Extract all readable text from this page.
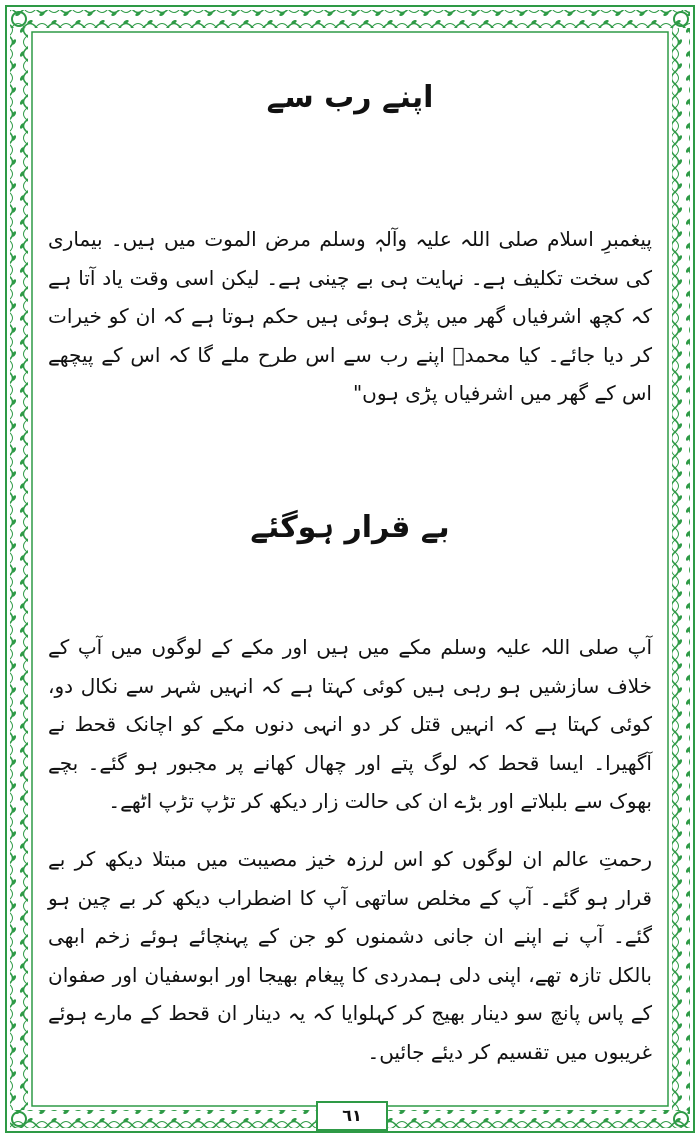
اپنے رب سے

پیغمبرِ اسلام صلی اللہ علیہ وآلہٖ وسلم مرض الموت میں ہیں۔ بیماری کی سخت تکلیف ہے۔ نہایت ہی بے چینی ہے۔ لیکن اسی وقت یاد آتا ہے کہ کچھ اشرفیاں گھر میں پڑی ہوئی ہیں حکم ہوتا ہے کہ ان کو خیرات کر دیا جائے۔ کیا محمدؐ اپنے رب سے اس طرح ملے گا کہ اس کے پیچھے اس کے گھر میں اشرفیاں پڑی ہوں"

بے قرار ہوگئے

آپ صلی اللہ علیہ وسلم مکے میں ہیں اور مکے کے لوگوں میں آپ کے خلاف سازشیں ہو رہی ہیں کوئی کہتا ہے کہ انہیں شہر سے نکال دو، کوئی کہتا ہے کہ انہیں قتل کر دو انہی دنوں مکے کو اچانک قحط نے آگھیرا۔ ایسا قحط کہ لوگ پتے اور چھال کھانے پر مجبور ہو گئے۔ بچے بھوک سے بلبلاتے اور بڑے ان کی حالت زار دیکھ کر تڑپ تڑپ اٹھے۔

رحمتِ عالم ان لوگوں کو اس لرزہ خیز مصیبت میں مبتلا دیکھ کر بے قرار ہو گئے۔ آپ کے مخلص ساتھی آپ کا اضطراب دیکھ کر بے چین ہو گئے۔ آپ نے اپنے ان جانی دشمنوں کو جن کے پہنچائے ہوئے زخم ابھی بالکل تازہ تھے، اپنی دلی ہمدردی کا پیغام بھیجا اور ابوسفیان اور صفوان کے پاس پانچ سو دینار بھیج کر کہلوایا کہ یہ دینار ان قحط کے مارے ہوئے غریبوں میں تقسیم کر دیئے جائیں۔

٦١
